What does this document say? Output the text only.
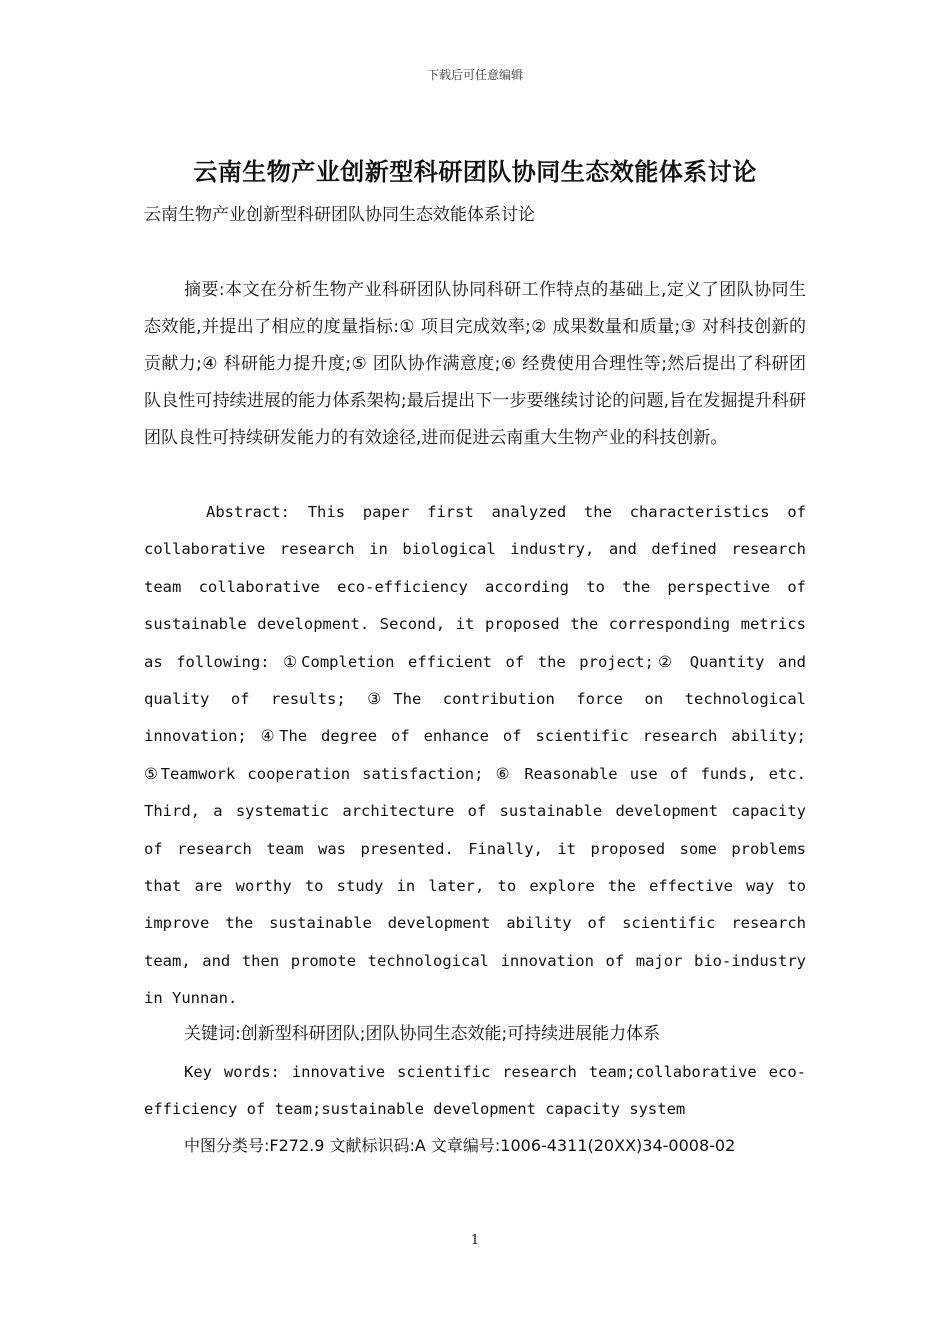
下载后可任意编辑
云南生物产业创新型科研团队协同生态效能体系讨论
云南生物产业创新型科研团队协同生态效能体系讨论

摘要:本文在分析生物产业科研团队协同科研工作特点的基础上,定义了团队协同生态效能,并提出了相应的度量指标:① 项目完成效率;② 成果数量和质量;③ 对科技创新的贡献力;④ 科研能力提升度;⑤ 团队协作满意度;⑥ 经费使用合理性等;然后提出了科研团队良性可持续进展的能力体系架构;最后提出下一步要继续讨论的问题,旨在发掘提升科研团队良性可持续研发能力的有效途径,进而促进云南重大生物产业的科技创新。

Abstract: This paper first analyzed the characteristics of collaborative research in biological industry, and defined research team collaborative eco-efficiency according to the perspective of sustainable development. Second, it proposed the corresponding metrics as following: ①Completion efficient of the project;② Quantity and quality of results; ③The contribution force on technological innovation; ④The degree of enhance of scientific research ability; ⑤Teamwork cooperation satisfaction; ⑥ Reasonable use of funds, etc. Third, a systematic architecture of sustainable development capacity of research team was presented. Finally, it proposed some problems that are worthy to study in later, to explore the effective way to improve the sustainable development ability of scientific research team, and then promote technological innovation of major bio-industry in Yunnan.

关键词:创新型科研团队;团队协同生态效能;可持续进展能力体系

Key words: innovative scientific research team;collaborative eco-efficiency of team;sustainable development capacity system

中图分类号:F272.9 文献标识码:A 文章编号:1006-4311(20XX)34-0008-02

1
